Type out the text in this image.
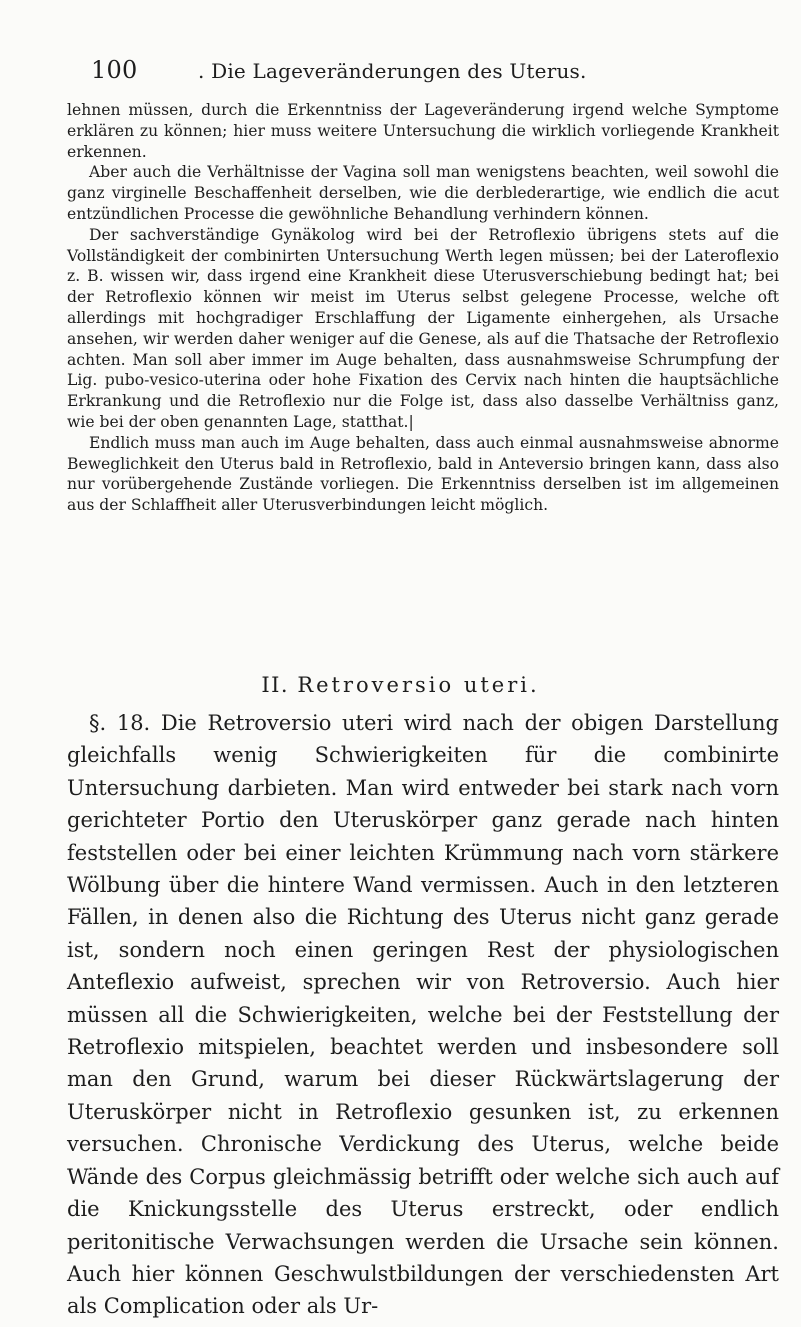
100	. Die Lageveränderungen des Uterus.

lehnen müssen, durch die Erkenntniss der Lageveränderung irgend welche Symptome erklären zu können; hier muss weitere Untersuchung die wirklich vorliegende Krankheit erkennen.

Aber auch die Verhältnisse der Vagina soll man wenigstens beachten, weil sowohl die ganz virginelle Beschaffenheit derselben, wie die derblederartige, wie endlich die acut entzündlichen Processe die gewöhnliche Behandlung verhindern können.

Der sachverständige Gynäkolog wird bei der Retroflexio übrigens stets auf die Vollständigkeit der combinirten Untersuchung Werth legen müssen; bei der Lateroflexio z. B. wissen wir, dass irgend eine Krankheit diese Uterusverschiebung bedingt hat; bei der Retroflexio können wir meist im Uterus selbst gelegene Processe, welche oft allerdings mit hochgradiger Erschlaffung der Ligamente einhergehen, als Ursache ansehen, wir werden daher weniger auf die Genese, als auf die Thatsache der Retroflexio achten. Man soll aber immer im Auge behalten, dass ausnahmsweise Schrumpfung der Lig. pubo-vesico-uterina oder hohe Fixation des Cervix nach hinten die hauptsächliche Erkrankung und die Retroflexio nur die Folge ist, dass also dasselbe Verhältniss ganz, wie bei der oben genannten Lage, statthat.|

Endlich muss man auch im Auge behalten, dass auch einmal ausnahmsweise abnorme Beweglichkeit den Uterus bald in Retroflexio, bald in Anteversio bringen kann, dass also nur vorübergehende Zustände vorliegen. Die Erkenntniss derselben ist im allgemeinen aus der Schlaffheit aller Uterusverbindungen leicht möglich.

II. Retroversio uteri.

§. 18. Die Retroversio uteri wird nach der obigen Darstellung gleichfalls wenig Schwierigkeiten für die combinirte Untersuchung darbieten. Man wird entweder bei stark nach vorn gerichteter Portio den Uteruskörper ganz gerade nach hinten feststellen oder bei einer leichten Krümmung nach vorn stärkere Wölbung über die hintere Wand vermissen. Auch in den letzteren Fällen, in denen also die Richtung des Uterus nicht ganz gerade ist, sondern noch einen geringen Rest der physiologischen Anteflexio aufweist, sprechen wir von Retroversio. Auch hier müssen all die Schwierigkeiten, welche bei der Feststellung der Retroflexio mitspielen, beachtet werden und insbesondere soll man den Grund, warum bei dieser Rückwärtslagerung der Uteruskörper nicht in Retroflexio gesunken ist, zu erkennen versuchen. Chronische Verdickung des Uterus, welche beide Wände des Corpus gleichmässig betrifft oder welche sich auch auf die Knickungsstelle des Uterus erstreckt, oder endlich peritonitische Verwachsungen werden die Ursache sein können. Auch hier können Geschwulstbildungen der verschiedensten Art als Complication oder als Ur-
